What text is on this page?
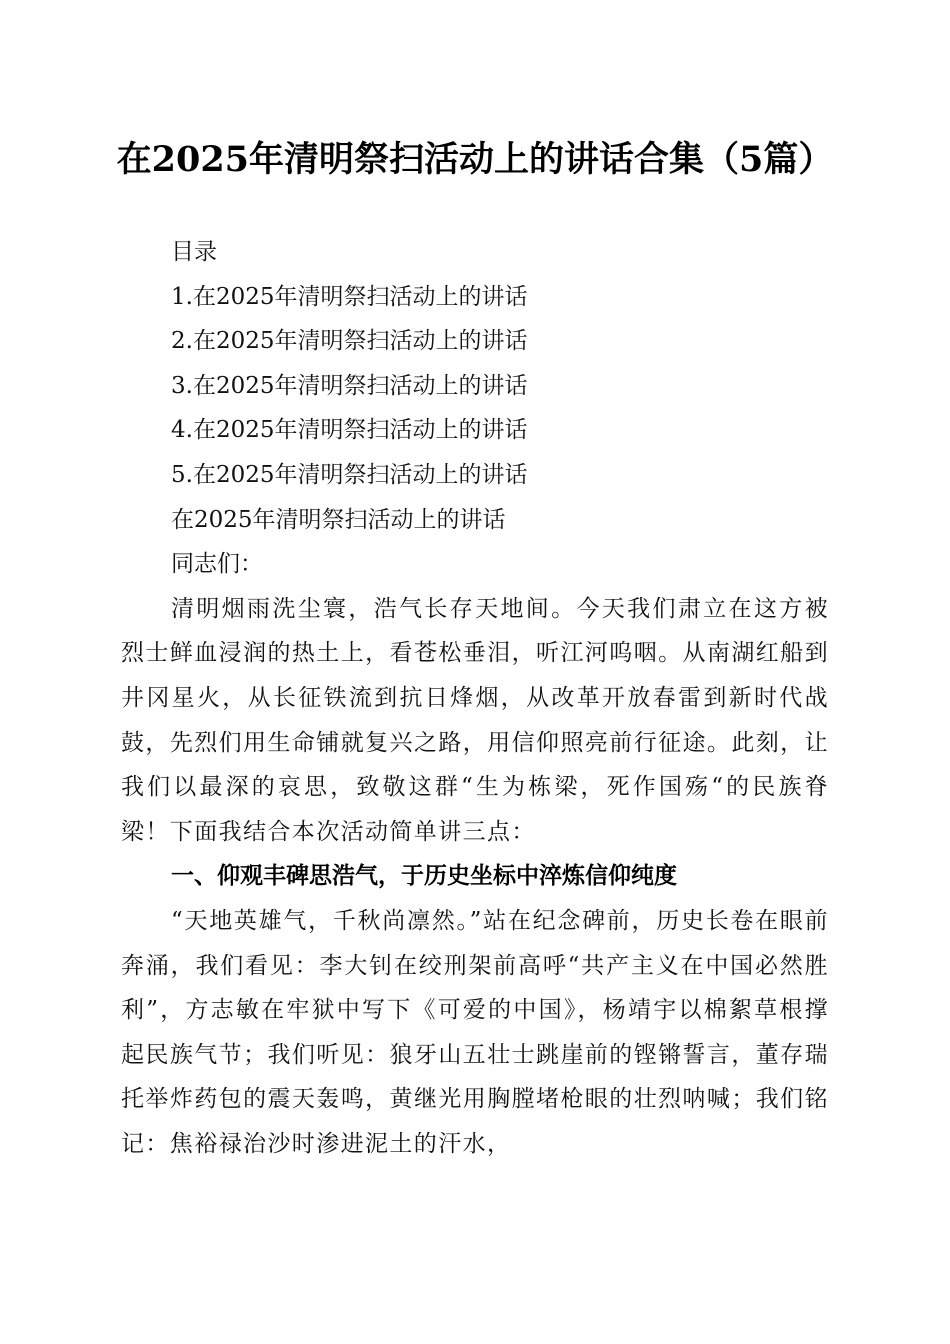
在2025年清明祭扫活动上的讲话合集（5篇）

目录

1.在2025年清明祭扫活动上的讲话

2.在2025年清明祭扫活动上的讲话

3.在2025年清明祭扫活动上的讲话

4.在2025年清明祭扫活动上的讲话

5.在2025年清明祭扫活动上的讲话

在2025年清明祭扫活动上的讲话

同志们：

清明烟雨洗尘寰，浩气长存天地间。今天我们肃立在这方被烈士鲜血浸润的热土上，看苍松垂泪，听江河呜咽。从南湖红船到井冈星火，从长征铁流到抗日烽烟，从改革开放春雷到新时代战鼓，先烈们用生命铺就复兴之路，用信仰照亮前行征途。此刻，让我们以最深的哀思，致敬这群“生为栋梁，死作国殇“的民族脊梁！下面我结合本次活动简单讲三点：

一、仰观丰碑思浩气，于历史坐标中淬炼信仰纯度

“天地英雄气，千秋尚凛然。”站在纪念碑前，历史长卷在眼前奔涌，我们看见：李大钊在绞刑架前高呼“共产主义在中国必然胜利”，方志敏在牢狱中写下《可爱的中国》，杨靖宇以棉絮草根撑起民族气节；我们听见：狼牙山五壮士跳崖前的铿锵誓言，董存瑞托举炸药包的震天轰鸣，黄继光用胸膛堵枪眼的壮烈呐喊；我们铭记：焦裕禄治沙时渗进泥土的汗水，
